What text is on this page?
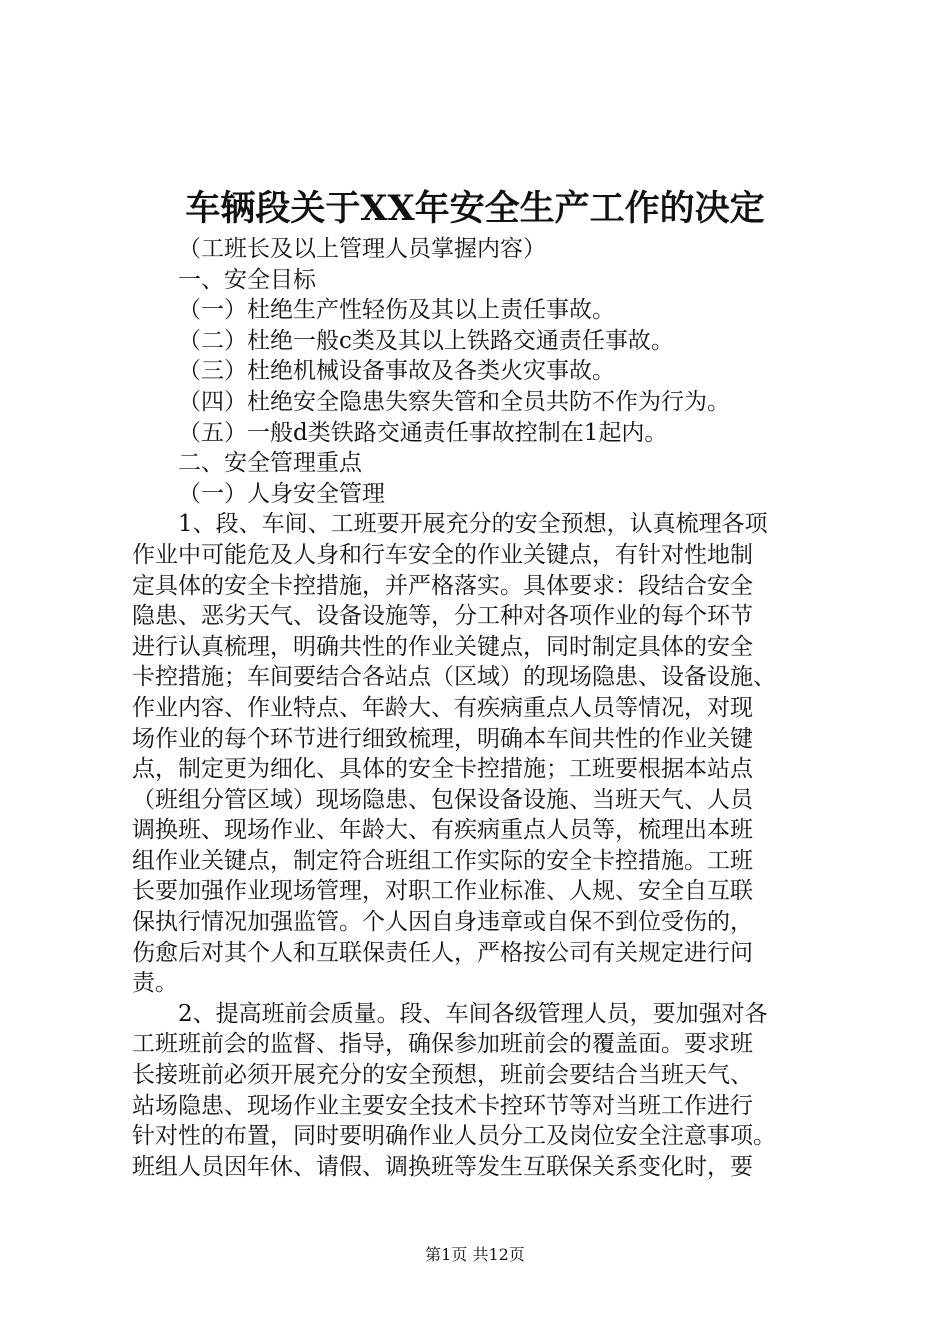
车辆段关于XX年安全生产工作的决定
（工班长及以上管理人员掌握内容）
一、安全目标
（一）杜绝生产性轻伤及其以上责任事故。
（二）杜绝一般c类及其以上铁路交通责任事故。
（三）杜绝机械设备事故及各类火灾事故。
（四）杜绝安全隐患失察失管和全员共防不作为行为。
（五）一般d类铁路交通责任事故控制在1起内。
二、安全管理重点
（一）人身安全管理
1、段、车间、工班要开展充分的安全预想，认真梳理各项
作业中可能危及人身和行车安全的作业关键点，有针对性地制
定具体的安全卡控措施，并严格落实。具体要求：段结合安全
隐患、恶劣天气、设备设施等，分工种对各项作业的每个环节
进行认真梳理，明确共性的作业关键点，同时制定具体的安全
卡控措施；车间要结合各站点（区域）的现场隐患、设备设施、
作业内容、作业特点、年龄大、有疾病重点人员等情况，对现
场作业的每个环节进行细致梳理，明确本车间共性的作业关键
点，制定更为细化、具体的安全卡控措施；工班要根据本站点
（班组分管区域）现场隐患、包保设备设施、当班天气、人员
调换班、现场作业、年龄大、有疾病重点人员等，梳理出本班
组作业关键点，制定符合班组工作实际的安全卡控措施。工班
长要加强作业现场管理，对职工作业标准、人规、安全自互联
保执行情况加强监管。个人因自身违章或自保不到位受伤的，
伤愈后对其个人和互联保责任人，严格按公司有关规定进行问
责。
2、提高班前会质量。段、车间各级管理人员，要加强对各
工班班前会的监督、指导，确保参加班前会的覆盖面。要求班
长接班前必须开展充分的安全预想，班前会要结合当班天气、
站场隐患、现场作业主要安全技术卡控环节等对当班工作进行
针对性的布置，同时要明确作业人员分工及岗位安全注意事项。
班组人员因年休、请假、调换班等发生互联保关系变化时，要
第1页 共12页
